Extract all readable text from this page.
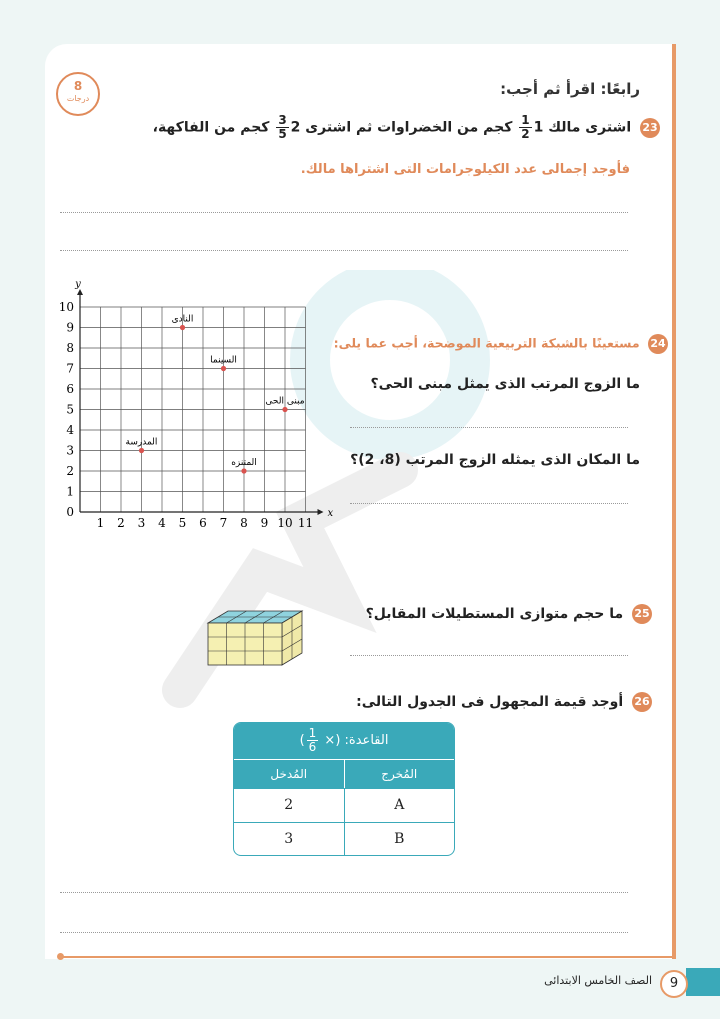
8
درجات
رابعًا: اقرأ ثم أجب:
23 اشترى مالك 1
$\frac{1}{2}$
كجم من الخضراوات ثم اشترى 2
$\frac{3}{5}$
كجم من الفاكهة،
فأوجد إجمالى عدد الكيلوجرامات التى اشتراها مالك.
x
y
1 2 3 4 5 6 7 8 9 10 11
1
2
3
4
5
6
7
8
9
10
0
النادى
السينما
مبنى الحى
المدرسة
المتنزه
24 مستعينًا بالشبكة التربيعية الموضحة، أجب عما يلى:
ما الزوج المرتب الذى يمثل مبنى الحى؟
ما المكان الذى يمثله الزوج المرتب (8، 2)؟
25 ما حجم متوازى المستطيلات المقابل؟
26 أوجد قيمة المجهول فى الجدول التالى:
القاعدة: (×
$\frac{1}{6}$
)
المُدخل	المُخرج
2	A
3	B
9
الصف الخامس الابتدائى
